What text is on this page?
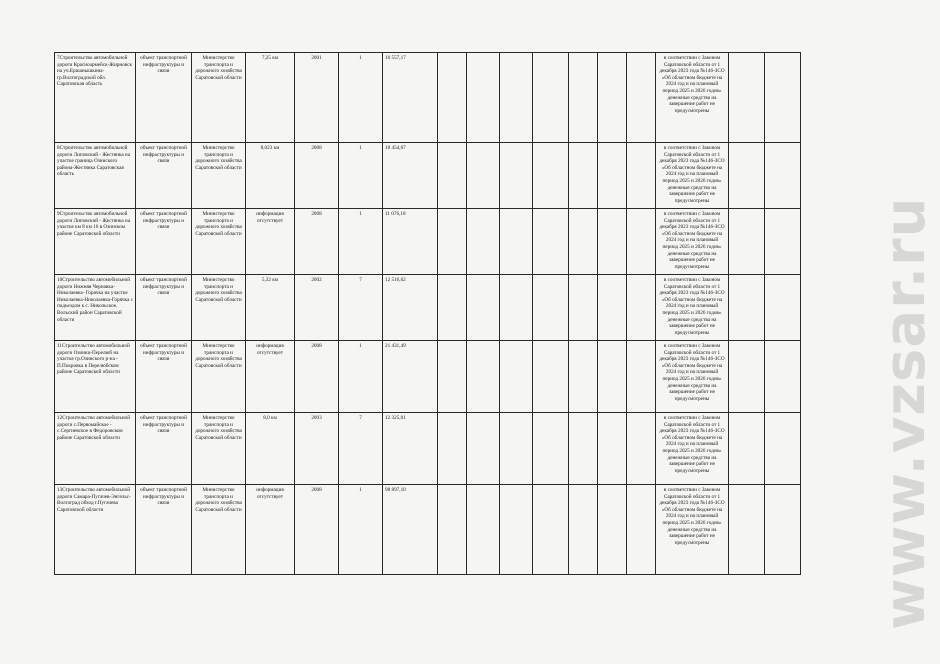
7Строительство автомобильной дороги Красноармейск-Жирновск на уч.Ершанышкина-гр.Волгоградской обл. Саратовская область	объект транспортной инфраструктуры и связи	Министерство транспорта и дорожного хозяйства Саратовской области	7,25 км	2001	1	16 557,17								в соответствии с Законом Саратовской области от 1 декабря 2023 года №146-ЗСО «Об областном бюджете на 2024 год и на плановый период 2025 и 2026 годов» денежные средства на завершение работ не предусмотрены		
8Строительство автомобильной дороги Липовский - Жестянка на участке граница Озинского района-Жестянка Саратовская область	объект транспортной инфраструктуры и связи	Министерство транспорта и дорожного хозяйства Саратовской области	8,023 км	2008	1	10 454,67								в соответствии с Законом Саратовской области от 1 декабря 2023 года №146-ЗСО «Об областном бюджете на 2024 год и на плановый период 2025 и 2026 годов» денежные средства на завершение работ не предусмотрены		
9Строительство автомобильной дороги Липовский - Жестянка на участке км 8 км 16 в Озинском районе Саратовской области	объект транспортной инфраструктуры и связи	Министерство транспорта и дорожного хозяйства Саратовской области	информация отсутствует	2008	1	11 076,18								в соответствии с Законом Саратовской области от 1 декабря 2023 года №146-ЗСО «Об областном бюджете на 2024 год и на плановый период 2025 и 2026 годов» денежные средства на завершение работ не предусмотрены		
10Строительство автомобильной дороги Нижняя Чернавка-Николаевка- Горячка на участке Николаевка-Николаевка-Горячка с подъездом к с. Никольское, Вольский район Саратовской области	объект транспортной инфраструктуры и связи	Министерство транспорта и дорожного хозяйства Саратовской области	5,32 км	2002	7	12 516,62								в соответствии с Законом Саратовской области от 1 декабря 2023 года №146-ЗСО «Об областном бюджете на 2024 год и на плановый период 2025 и 2026 годов» денежные средства на завершение работ не предусмотрены		
11Строительство автомобильной дороги Озинки-Перелюб на участке гр.Озинского р-на - П.Покровка в Перелюбском районе Саратовской области	объект транспортной инфраструктуры и связи	Министерство транспорта и дорожного хозяйства Саратовской области	информация отсутствует	2008	1	21 431,49								в соответствии с Законом Саратовской области от 1 декабря 2023 года №146-ЗСО «Об областном бюджете на 2024 год и на плановый период 2025 и 2026 годов» денежные средства на завершение работ не предусмотрены		
12Строительство автомобильной дороги с.Первомайское - с.Сергиевское в Федоровском районе Саратовской области	объект транспортной инфраструктуры и связи	Министерство транспорта и дорожного хозяйства Саратовской области	8,0 км	2003	7	12 325,01								в соответствии с Законом Саратовской области от 1 декабря 2023 года №146-ЗСО «Об областном бюджете на 2024 год и на плановый период 2025 и 2026 годов» денежные средства на завершение работ не предусмотрены		
13Строительство автомобильной дороги Самара-Пугачев-Энгельс-Волгоград обход г.Пугачева Саратовской области	объект транспортной инфраструктуры и связи	Министерство транспорта и дорожного хозяйства Саратовской области	информация отсутствует	2008	1	98 897,10								в соответствии с Законом Саратовской области от 1 декабря 2023 года №146-ЗСО «Об областном бюджете на 2024 год и на плановый период 2025 и 2026 годов» денежные средства на завершение работ не предусмотрены			www.vzsar.ru
